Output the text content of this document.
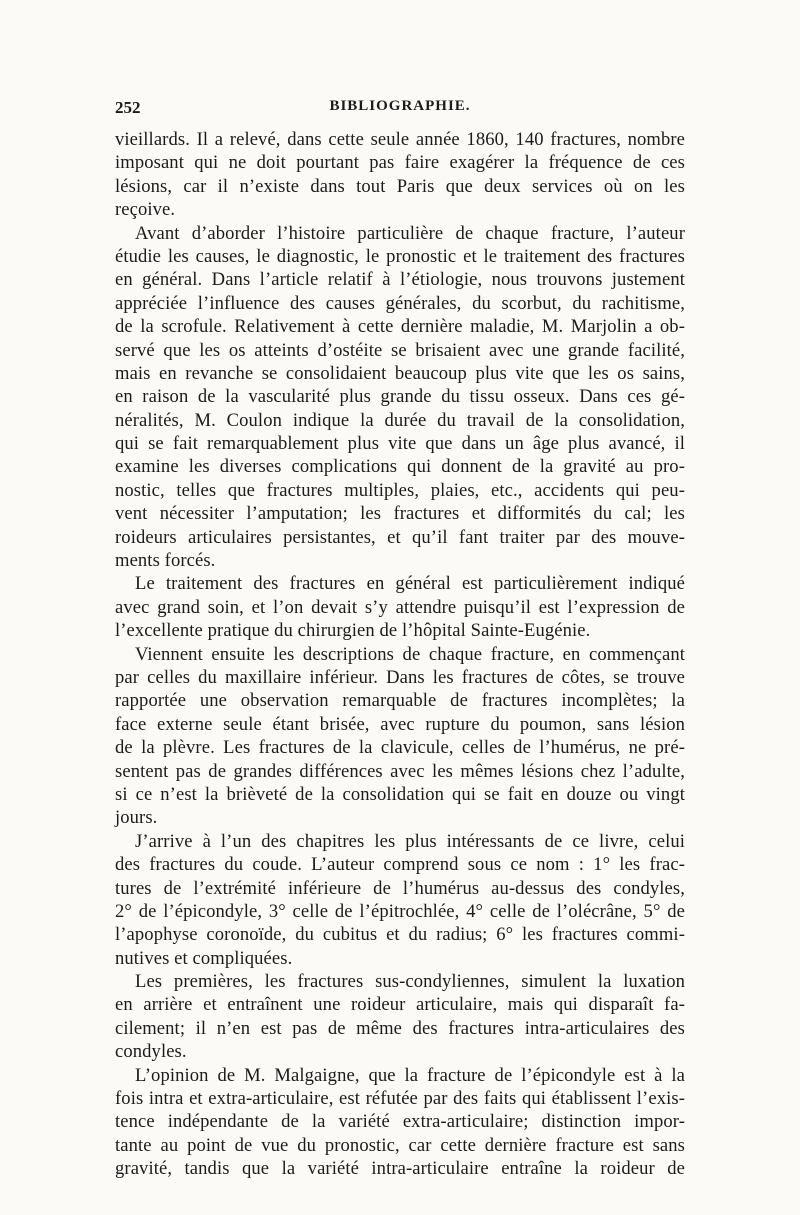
252	BIBLIOGRAPHIE.
vieillards. Il a relevé, dans cette seule année 1860, 140 fractures, nombre
imposant qui ne doit pourtant pas faire exagérer la fréquence de ces
lésions, car il n’existe dans tout Paris que deux services où on les
reçoive.
Avant d’aborder l’histoire particulière de chaque fracture, l’auteur
étudie les causes, le diagnostic, le pronostic et le traitement des fractures
en général. Dans l’article relatif à l’étiologie, nous trouvons justement
appréciée l’influence des causes générales, du scorbut, du rachitisme,
de la scrofule. Relativement à cette dernière maladie, M. Marjolin a ob-
servé que les os atteints d’ostéite se brisaient avec une grande facilité,
mais en revanche se consolidaient beaucoup plus vite que les os sains,
en raison de la vascularité plus grande du tissu osseux. Dans ces gé-
néralités, M. Coulon indique la durée du travail de la consolidation,
qui se fait remarquablement plus vite que dans un âge plus avancé, il
examine les diverses complications qui donnent de la gravité au pro-
nostic, telles que fractures multiples, plaies, etc., accidents qui peu-
vent nécessiter l’amputation; les fractures et difformités du cal; les
roideurs articulaires persistantes, et qu’il fant traiter par des mouve-
ments forcés.
Le traitement des fractures en général est particulièrement indiqué
avec grand soin, et l’on devait s’y attendre puisqu’il est l’expression de
l’excellente pratique du chirurgien de l’hôpital Sainte-Eugénie.
Viennent ensuite les descriptions de chaque fracture, en commençant
par celles du maxillaire inférieur. Dans les fractures de côtes, se trouve
rapportée une observation remarquable de fractures incomplètes; la
face externe seule étant brisée, avec rupture du poumon, sans lésion
de la plèvre. Les fractures de la clavicule, celles de l’humérus, ne pré-
sentent pas de grandes différences avec les mêmes lésions chez l’adulte,
si ce n’est la brièveté de la consolidation qui se fait en douze ou vingt
jours.
J’arrive à l’un des chapitres les plus intéressants de ce livre, celui
des fractures du coude. L’auteur comprend sous ce nom : 1° les frac-
tures de l’extrémité inférieure de l’humérus au-dessus des condyles,
2° de l’épicondyle, 3° celle de l’épitrochlée, 4° celle de l’olécrâne, 5° de
l’apophyse coronoïde, du cubitus et du radius; 6° les fractures commi-
nutives et compliquées.
Les premières, les fractures sus-condyliennes, simulent la luxation
en arrière et entraînent une roideur articulaire, mais qui disparaît fa-
cilement; il n’en est pas de même des fractures intra-articulaires des
condyles.
L’opinion de M. Malgaigne, que la fracture de l’épicondyle est à la
fois intra et extra-articulaire, est réfutée par des faits qui établissent l’exis-
tence indépendante de la variété extra-articulaire; distinction impor-
tante au point de vue du pronostic, car cette dernière fracture est sans
gravité, tandis que la variété intra-articulaire entraîne la roideur de
